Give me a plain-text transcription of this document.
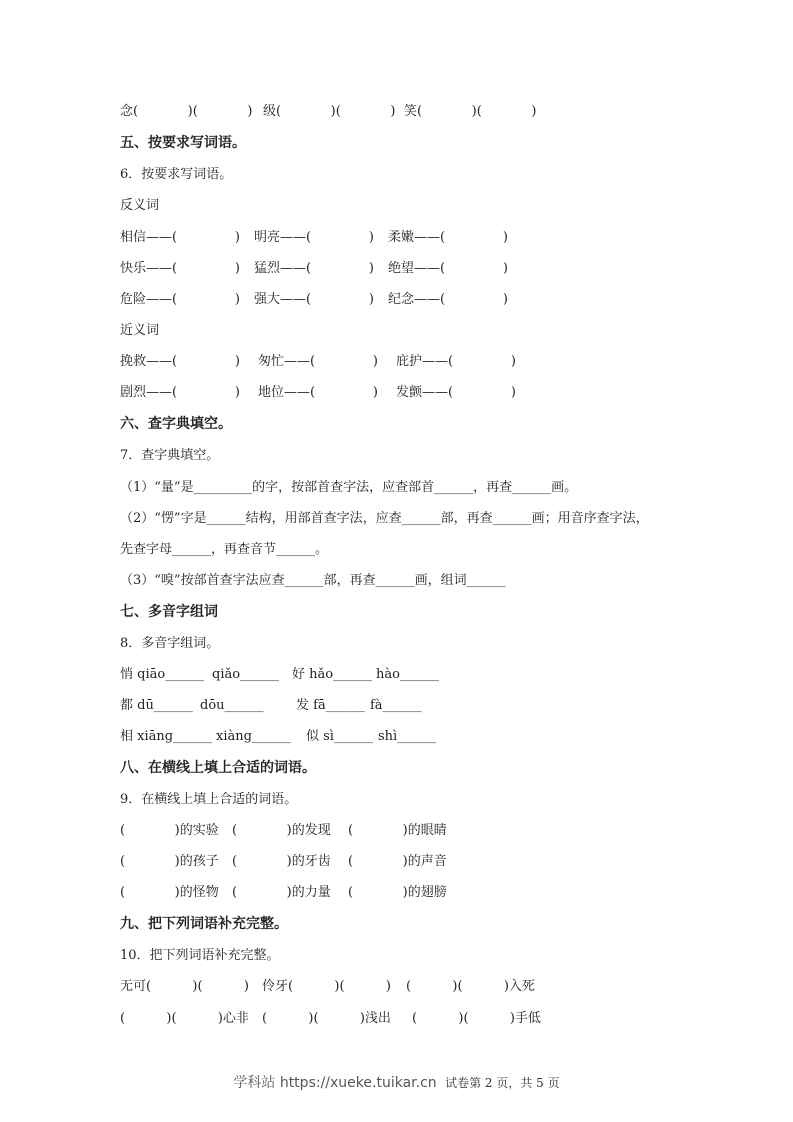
念(            )(            ) 级(            )(            ) 笑(            )(            )
五、按要求写词语。
6．按要求写词语。
反义词
相信——(              ) 明亮——(              ) 柔嫩——(              )
快乐——(              ) 猛烈——(              ) 绝望——(              )
危险——(              ) 强大——(              ) 纪念——(              )
近义词
挽救——(              ) 匆忙——(              ) 庇护——(              )
剧烈——(              ) 地位——(              ) 发颤——(              )
六、查字典填空。
7．查字典填空。
（1）“量”是_________的字，按部首查字法，应查部首______，再查______画。
（2）“愣”字是______结构，用部首查字法，应查______部，再查______画；用音序查字法，
先查字母______，再查音节______。
（3）“嗅”按部首查字法应查______部，再查______画，组词______
七、多音字组词
8．多音字组词。
悄 qiāo______ qiǎo______ 好 hǎo______ hào______
都 dū______ dōu______ 发 fā______ fà______
相 xiāng______ xiàng______ 似 sì______ shì______
八、在横线上填上合适的词语。
9．在横线上填上合适的词语。
(            )的实验 (            )的发现 (            )的眼睛
(            )的孩子 (            )的牙齿 (            )的声音
(            )的怪物 (            )的力量 (            )的翅膀
九、把下列词语补充完整。
10．把下列词语补充完整。
无可(          )(          ) 伶牙(          )(          ) (          )(          )入死
(          )(          )心非 (          )(          )浅出 (          )(          )手低
学科站 https://xueke.tuikar.cn 试卷第 2 页，共 5 页
